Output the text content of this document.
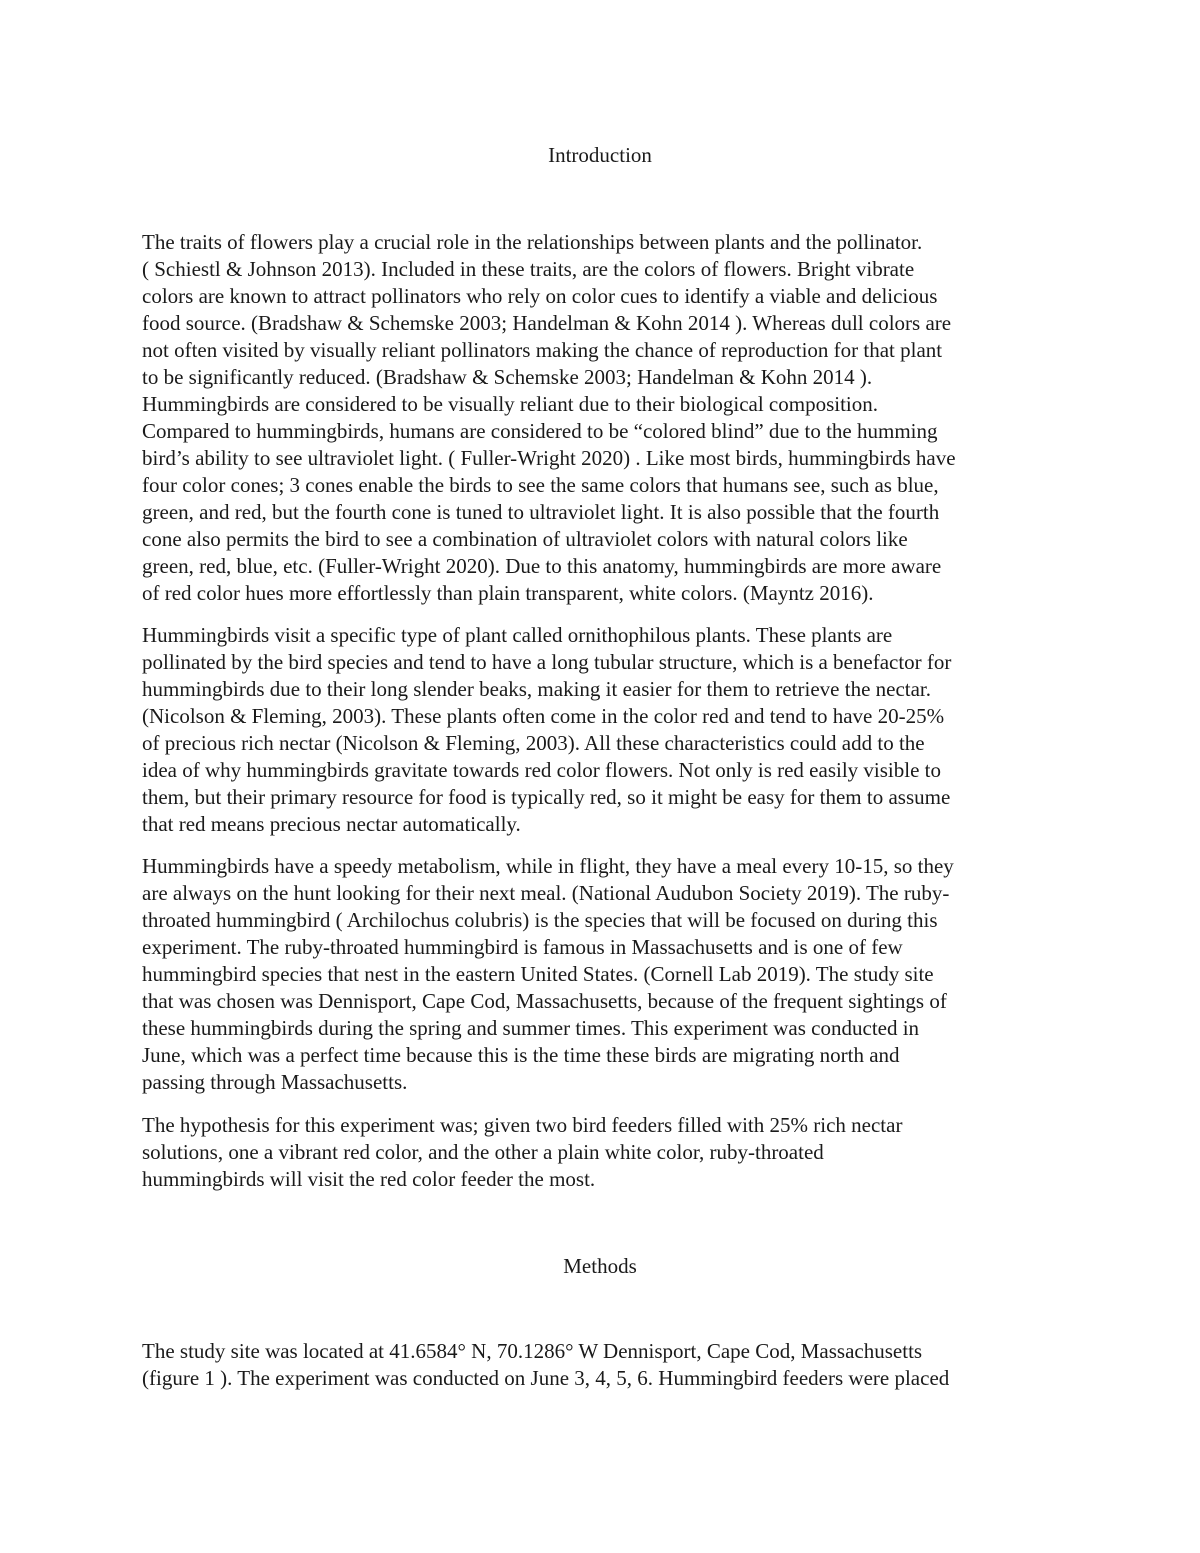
Introduction
The traits of flowers play a crucial role in the relationships between plants and the pollinator.
( Schiestl & Johnson 2013). Included in these traits, are the colors of flowers. Bright vibrate
colors are known to attract pollinators who rely on color cues to identify a viable and delicious
food source. (Bradshaw & Schemske 2003; Handelman & Kohn 2014 ). Whereas dull colors are
not often visited by visually reliant pollinators making the chance of reproduction for that plant
to be significantly reduced. (Bradshaw & Schemske 2003; Handelman & Kohn 2014 ).
Hummingbirds are considered to be visually reliant due to their biological composition.
Compared to hummingbirds, humans are considered to be “colored blind” due to the humming
bird’s ability to see ultraviolet light. ( Fuller-Wright 2020) . Like most birds, hummingbirds have
four color cones; 3 cones enable the birds to see the same colors that humans see, such as blue,
green, and red, but the fourth cone is tuned to ultraviolet light. It is also possible that the fourth
cone also permits the bird to see a combination of ultraviolet colors with natural colors like
green, red, blue, etc. (Fuller-Wright 2020). Due to this anatomy, hummingbirds are more aware
of red color hues more effortlessly than plain transparent, white colors. (Mayntz 2016).
Hummingbirds visit a specific type of plant called ornithophilous plants. These plants are
pollinated by the bird species and tend to have a long tubular structure, which is a benefactor for
hummingbirds due to their long slender beaks, making it easier for them to retrieve the nectar.
(Nicolson & Fleming, 2003). These plants often come in the color red and tend to have 20-25%
of precious rich nectar (Nicolson & Fleming, 2003). All these characteristics could add to the
idea of why hummingbirds gravitate towards red color flowers. Not only is red easily visible to
them, but their primary resource for food is typically red, so it might be easy for them to assume
that red means precious nectar automatically.
Hummingbirds have a speedy metabolism, while in flight, they have a meal every 10-15, so they
are always on the hunt looking for their next meal. (National Audubon Society 2019). The ruby-
throated hummingbird ( Archilochus colubris) is the species that will be focused on during this
experiment. The ruby-throated hummingbird is famous in Massachusetts and is one of few
hummingbird species that nest in the eastern United States. (Cornell Lab 2019). The study site
that was chosen was Dennisport, Cape Cod, Massachusetts, because of the frequent sightings of
these hummingbirds during the spring and summer times. This experiment was conducted in
June, which was a perfect time because this is the time these birds are migrating north and
passing through Massachusetts.
The hypothesis for this experiment was; given two bird feeders filled with 25% rich nectar
solutions, one a vibrant red color, and the other a plain white color, ruby-throated
hummingbirds will visit the red color feeder the most.
Methods
The study site was located at 41.6584° N, 70.1286° W Dennisport, Cape Cod, Massachusetts
(figure 1 ). The experiment was conducted on June 3, 4, 5, 6. Hummingbird feeders were placed
